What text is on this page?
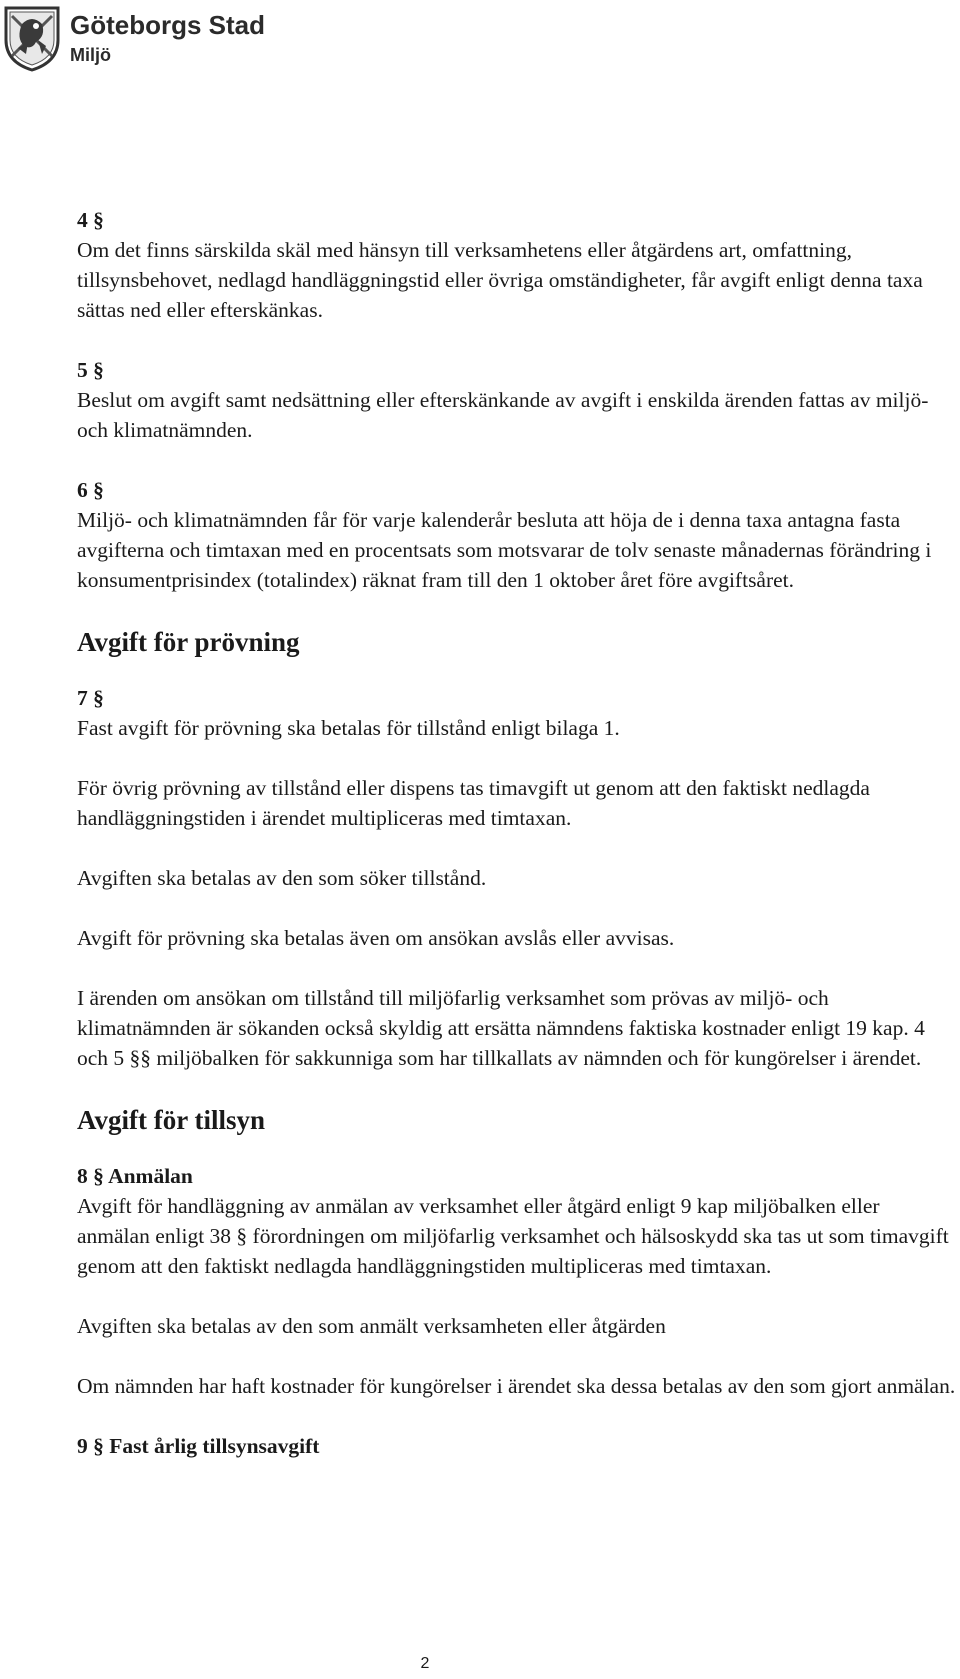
Göteborgs Stad
Miljö

4 §

Om det finns särskilda skäl med hänsyn till verksamhetens eller åtgärdens art, omfattning, tillsynsbehovet, nedlagd handläggningstid eller övriga omständigheter, får avgift enligt denna taxa sättas ned eller efterskänkas.

5 §

Beslut om avgift samt nedsättning eller efterskänkande av avgift i enskilda ärenden fattas av miljö- och klimatnämnden.

6 §

Miljö- och klimatnämnden får för varje kalenderår besluta att höja de i denna taxa antagna fasta avgifterna och timtaxan med en procentsats som motsvarar de tolv senaste månadernas förändring i konsumentprisindex (totalindex) räknat fram till den 1 oktober året före avgiftsåret.

Avgift för prövning

7 §

Fast avgift för prövning ska betalas för tillstånd enligt bilaga 1.

För övrig prövning av tillstånd eller dispens tas timavgift ut genom att den faktiskt nedlagda handläggningstiden i ärendet multipliceras med timtaxan.

Avgiften ska betalas av den som söker tillstånd.

Avgift för prövning ska betalas även om ansökan avslås eller avvisas.

I ärenden om ansökan om tillstånd till miljöfarlig verksamhet som prövas av miljö- och klimatnämnden är sökanden också skyldig att ersätta nämndens faktiska kostnader enligt 19 kap. 4 och 5 §§ miljöbalken för sakkunniga som har tillkallats av nämnden och för kungörelser i ärendet.

Avgift för tillsyn

8 § Anmälan

Avgift för handläggning av anmälan av verksamhet eller åtgärd enligt 9 kap miljöbalken eller anmälan enligt 38 § förordningen om miljöfarlig verksamhet och hälsoskydd ska tas ut som timavgift genom att den faktiskt nedlagda handläggningstiden multipliceras med timtaxan.

Avgiften ska betalas av den som anmält verksamheten eller åtgärden

Om nämnden har haft kostnader för kungörelser i ärendet ska dessa betalas av den som gjort anmälan.

9 § Fast årlig tillsynsavgift

2
